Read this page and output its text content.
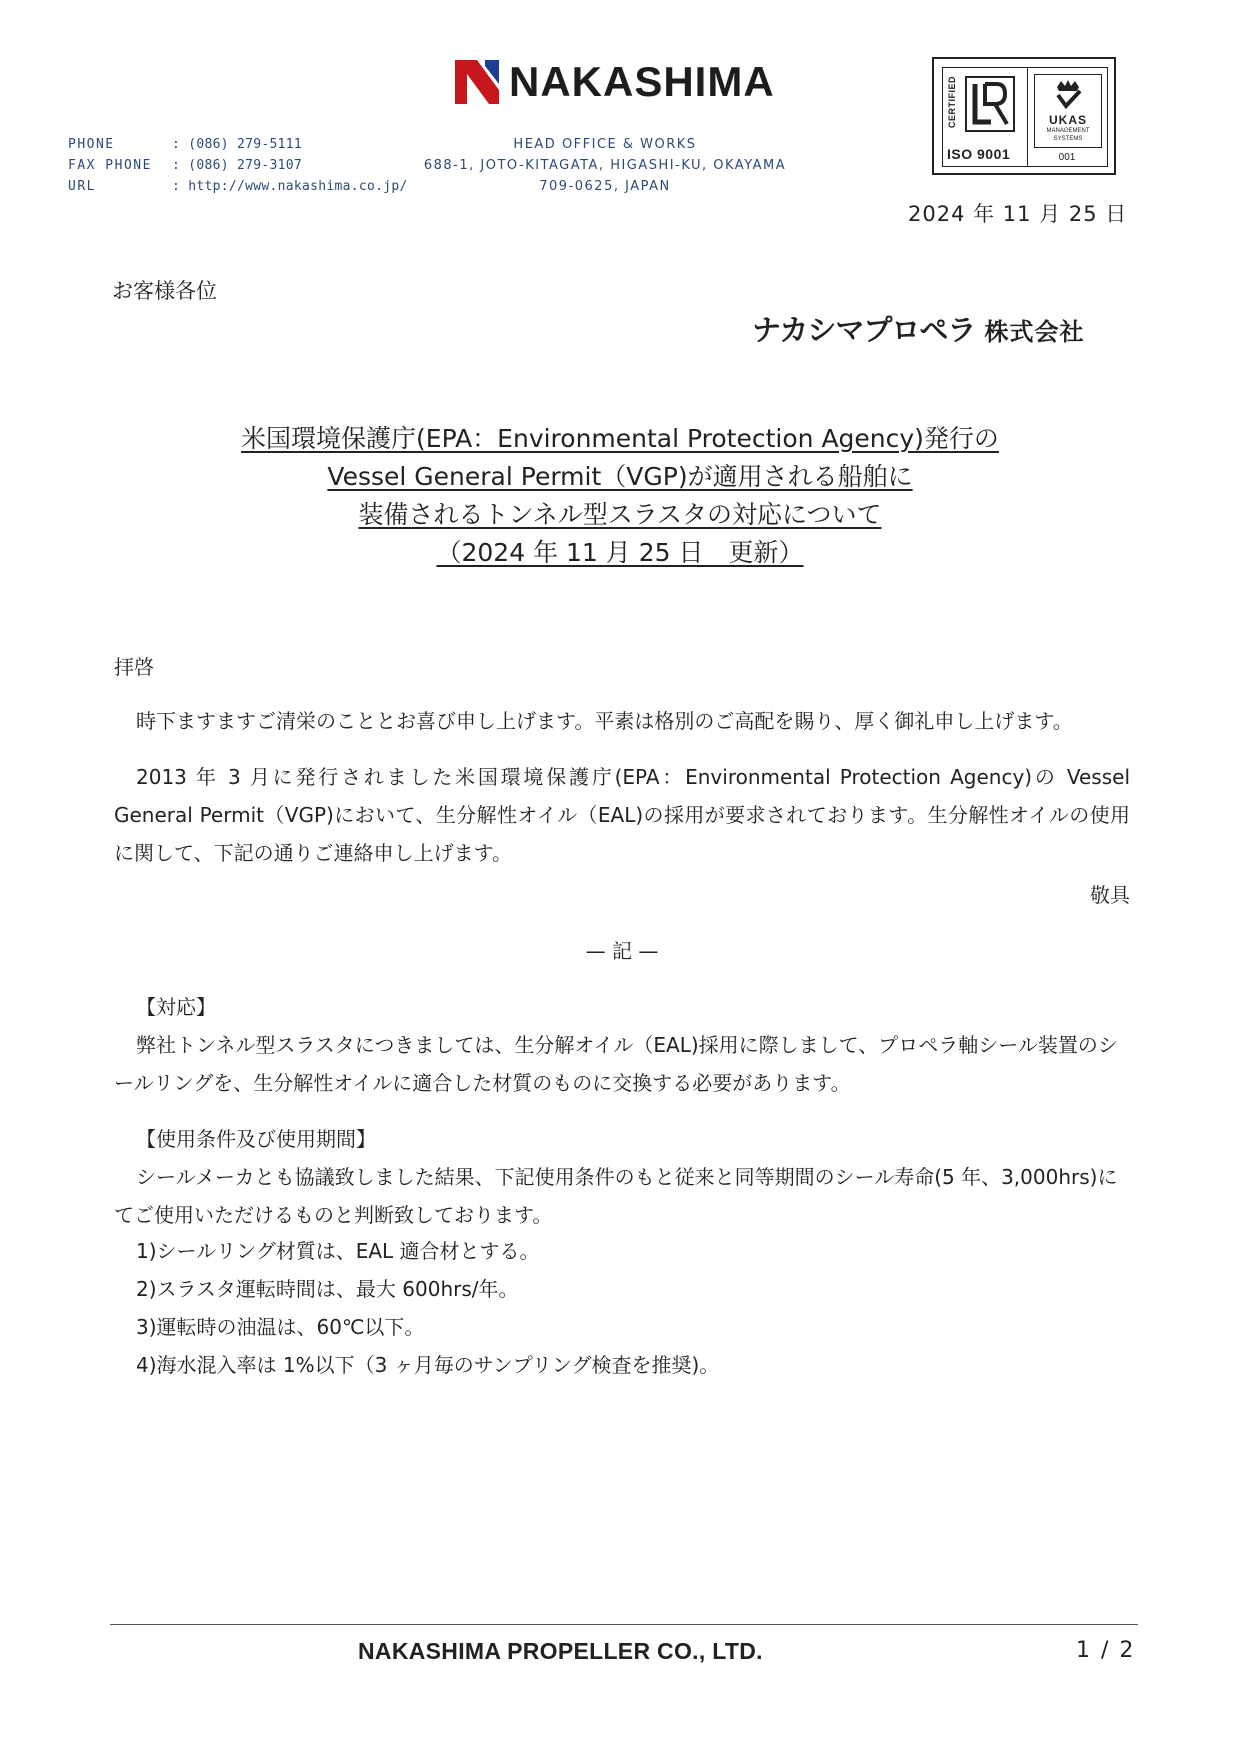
NAKASHIMA
PHONE	: (086) 279-5111
FAX PHONE	: (086) 279-3107
URL	: http://www.nakashima.co.jp/
HEAD OFFICE & WORKS
688-1, JOTO-KITAGATA, HIGASHI-KU, OKAYAMA
709-0625, JAPAN
CERTIFIED
ISO 9001
UKAS
MANAGEMENT
SYSTEMS
001
2024 年 11 月 25 日
お客様各位
ナカシマプロペラ 株式会社
米国環境保護庁(EPA：Environmental Protection Agency)発行の
Vessel General Permit（VGP)が適用される船舶に
装備されるトンネル型スラスタの対応について
（2024 年 11 月 25 日　更新）
拝啓
時下ますますご清栄のこととお喜び申し上げます。平素は格別のご高配を賜り、厚く御礼申し上げます。
2013 年 3 月に発行されました米国環境保護庁(EPA：Environmental Protection Agency)の Vessel General Permit（VGP)において、生分解性オイル（EAL)の採用が要求されております。生分解性オイルの使用に関して、下記の通りご連絡申し上げます。
敬具
— 記 —
【対応】
弊社トンネル型スラスタにつきましては、生分解オイル（EAL)採用に際しまして、プロペラ軸シール装置のシールリングを、生分解性オイルに適合した材質のものに交換する必要があります。
【使用条件及び使用期間】
シールメーカとも協議致しました結果、下記使用条件のもと従来と同等期間のシール寿命(5 年、3,000hrs)にてご使用いただけるものと判断致しております。
1)シールリング材質は、EAL 適合材とする。
2)スラスタ運転時間は、最大 600hrs/年。
3)運転時の油温は、60℃以下。
4)海水混入率は 1%以下（3 ヶ月毎のサンプリング検査を推奨)。
NAKASHIMA PROPELLER CO., LTD.	1 / 2
